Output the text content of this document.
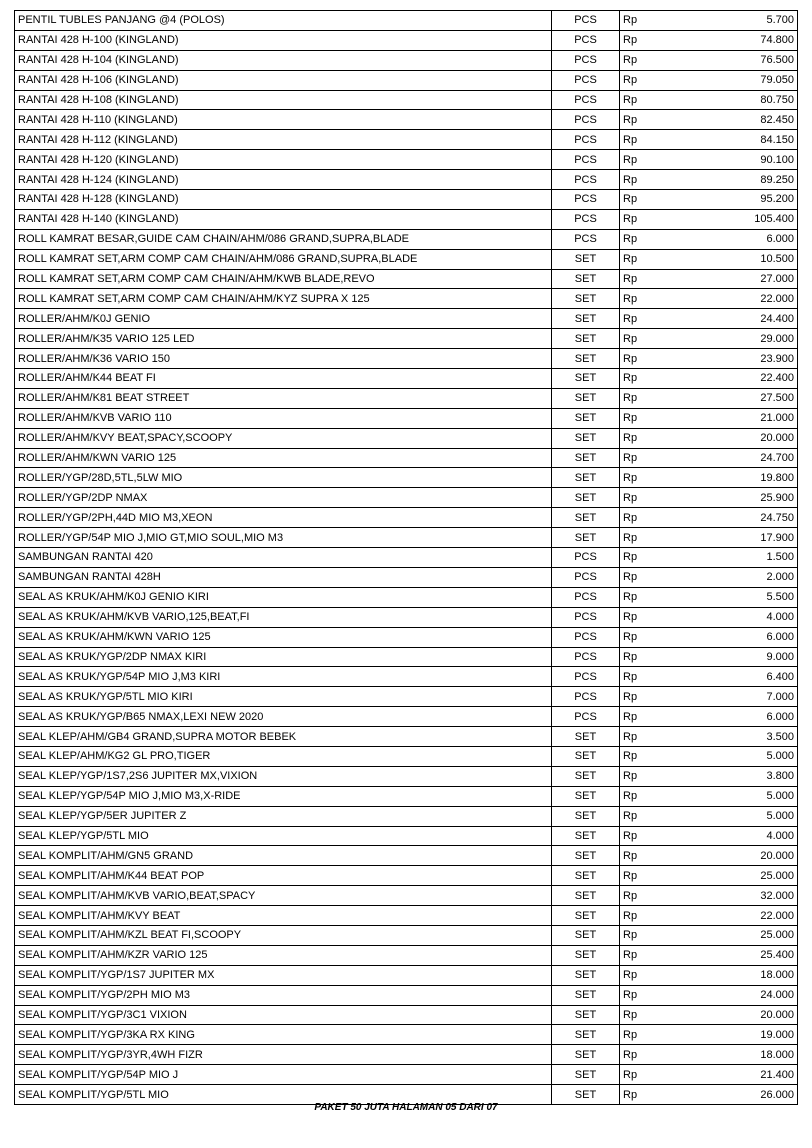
PENTIL TUBLES PANJANG @4 (POLOS)	PCS	Rp	5.700
RANTAI 428 H-100 (KINGLAND)	PCS	Rp	74.800
RANTAI 428 H-104 (KINGLAND)	PCS	Rp	76.500
RANTAI 428 H-106 (KINGLAND)	PCS	Rp	79.050
RANTAI 428 H-108 (KINGLAND)	PCS	Rp	80.750
RANTAI 428 H-110 (KINGLAND)	PCS	Rp	82.450
RANTAI 428 H-112 (KINGLAND)	PCS	Rp	84.150
RANTAI 428 H-120 (KINGLAND)	PCS	Rp	90.100
RANTAI 428 H-124 (KINGLAND)	PCS	Rp	89.250
RANTAI 428 H-128 (KINGLAND)	PCS	Rp	95.200
RANTAI 428 H-140 (KINGLAND)	PCS	Rp	105.400
ROLL KAMRAT BESAR,GUIDE CAM CHAIN/AHM/086 GRAND,SUPRA,BLADE	PCS	Rp	6.000
ROLL KAMRAT SET,ARM COMP CAM CHAIN/AHM/086 GRAND,SUPRA,BLADE	SET	Rp	10.500
ROLL KAMRAT SET,ARM COMP CAM CHAIN/AHM/KWB BLADE,REVO	SET	Rp	27.000
ROLL KAMRAT SET,ARM COMP CAM CHAIN/AHM/KYZ SUPRA X 125	SET	Rp	22.000
ROLLER/AHM/K0J GENIO	SET	Rp	24.400
ROLLER/AHM/K35 VARIO 125 LED	SET	Rp	29.000
ROLLER/AHM/K36 VARIO 150	SET	Rp	23.900
ROLLER/AHM/K44 BEAT FI	SET	Rp	22.400
ROLLER/AHM/K81 BEAT STREET	SET	Rp	27.500
ROLLER/AHM/KVB VARIO 110	SET	Rp	21.000
ROLLER/AHM/KVY BEAT,SPACY,SCOOPY	SET	Rp	20.000
ROLLER/AHM/KWN VARIO 125	SET	Rp	24.700
ROLLER/YGP/28D,5TL,5LW MIO	SET	Rp	19.800
ROLLER/YGP/2DP NMAX	SET	Rp	25.900
ROLLER/YGP/2PH,44D MIO M3,XEON	SET	Rp	24.750
ROLLER/YGP/54P MIO J,MIO GT,MIO SOUL,MIO M3	SET	Rp	17.900
SAMBUNGAN RANTAI 420	PCS	Rp	1.500
SAMBUNGAN RANTAI 428H	PCS	Rp	2.000
SEAL AS KRUK/AHM/K0J GENIO KIRI	PCS	Rp	5.500
SEAL AS KRUK/AHM/KVB VARIO,125,BEAT,FI	PCS	Rp	4.000
SEAL AS KRUK/AHM/KWN VARIO 125	PCS	Rp	6.000
SEAL AS KRUK/YGP/2DP NMAX KIRI	PCS	Rp	9.000
SEAL AS KRUK/YGP/54P MIO J,M3 KIRI	PCS	Rp	6.400
SEAL AS KRUK/YGP/5TL MIO KIRI	PCS	Rp	7.000
SEAL AS KRUK/YGP/B65 NMAX,LEXI NEW 2020	PCS	Rp	6.000
SEAL KLEP/AHM/GB4 GRAND,SUPRA MOTOR BEBEK	SET	Rp	3.500
SEAL KLEP/AHM/KG2 GL PRO,TIGER	SET	Rp	5.000
SEAL KLEP/YGP/1S7,2S6 JUPITER MX,VIXION	SET	Rp	3.800
SEAL KLEP/YGP/54P MIO J,MIO M3,X-RIDE	SET	Rp	5.000
SEAL KLEP/YGP/5ER JUPITER Z	SET	Rp	5.000
SEAL KLEP/YGP/5TL MIO	SET	Rp	4.000
SEAL KOMPLIT/AHM/GN5 GRAND	SET	Rp	20.000
SEAL KOMPLIT/AHM/K44 BEAT POP	SET	Rp	25.000
SEAL KOMPLIT/AHM/KVB VARIO,BEAT,SPACY	SET	Rp	32.000
SEAL KOMPLIT/AHM/KVY BEAT	SET	Rp	22.000
SEAL KOMPLIT/AHM/KZL BEAT FI,SCOOPY	SET	Rp	25.000
SEAL KOMPLIT/AHM/KZR VARIO 125	SET	Rp	25.400
SEAL KOMPLIT/YGP/1S7 JUPITER MX	SET	Rp	18.000
SEAL KOMPLIT/YGP/2PH MIO M3	SET	Rp	24.000
SEAL KOMPLIT/YGP/3C1 VIXION	SET	Rp	20.000
SEAL KOMPLIT/YGP/3KA RX KING	SET	Rp	19.000
SEAL KOMPLIT/YGP/3YR,4WH FIZR	SET	Rp	18.000
SEAL KOMPLIT/YGP/54P MIO J	SET	Rp	21.400
SEAL KOMPLIT/YGP/5TL MIO	SET	Rp	26.000
PAKET 50 JUTA HALAMAN 05 DARI 07
